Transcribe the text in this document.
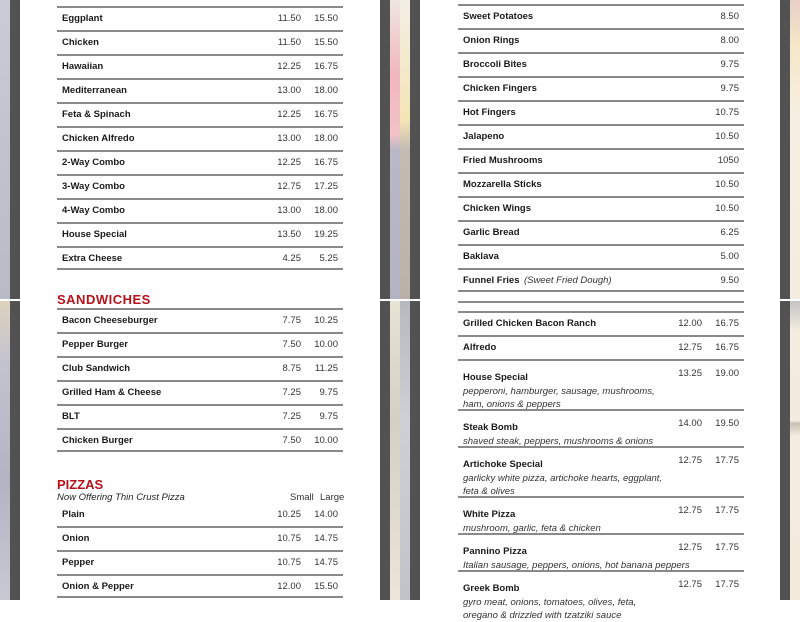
Eggplant	11.50	15.50
Chicken	11.50	15.50
Hawaiian	12.25	16.75
Mediterranean	13.00	18.00
Feta & Spinach	12.25	16.75
Chicken Alfredo	13.00	18.00
2-Way Combo	12.25	16.75
3-Way Combo	12.75	17.25
4-Way Combo	13.00	18.00
House Special	13.50	19.25
Extra Cheese	4.25	5.25
Sweet Potatoes	8.50
Onion Rings	8.00
Broccoli Bites	9.75
Chicken Fingers	9.75
Hot Fingers	10.75
Jalapeno	10.50
Fried Mushrooms	1050
Mozzarella Sticks	10.50
Chicken Wings	10.50
Garlic Bread	6.25
Baklava	5.00
Funnel Fries (Sweet Fried Dough)	9.50
SANDWICHES
Bacon Cheeseburger	7.75	10.25
Pepper Burger	7.50	10.00
Club Sandwich	8.75	11.25
Grilled Ham & Cheese	7.25	9.75
BLT	7.25	9.75
Chicken Burger	7.50	10.00
PIZZAS
Now Offering Thin Crust Pizza	Small Large
Plain	10.25	14.00
Onion	10.75	14.75
Pepper	10.75	14.75
Onion & Pepper	12.00	15.50
Grilled Chicken Bacon Ranch	12.00	16.75
Alfredo	12.75	16.75
House Special	13.25	19.00
pepperoni, hamburger, sausage, mushrooms, ham, onions & peppers
Steak Bomb	14.00	19.50
shaved steak, peppers, mushrooms & onions
Artichoke Special	12.75	17.75
garlicky white pizza, artichoke hearts, eggplant, feta & olives
White Pizza	12.75	17.75
mushroom, garlic, feta & chicken
Pannino Pizza	12.75	17.75
Italian sausage, peppers, onions, hot banana peppers
Greek Bomb	12.75	17.75
gyro meat, onions, tomatoes, olives, feta, oregano & drizzled with tzatziki sauce
